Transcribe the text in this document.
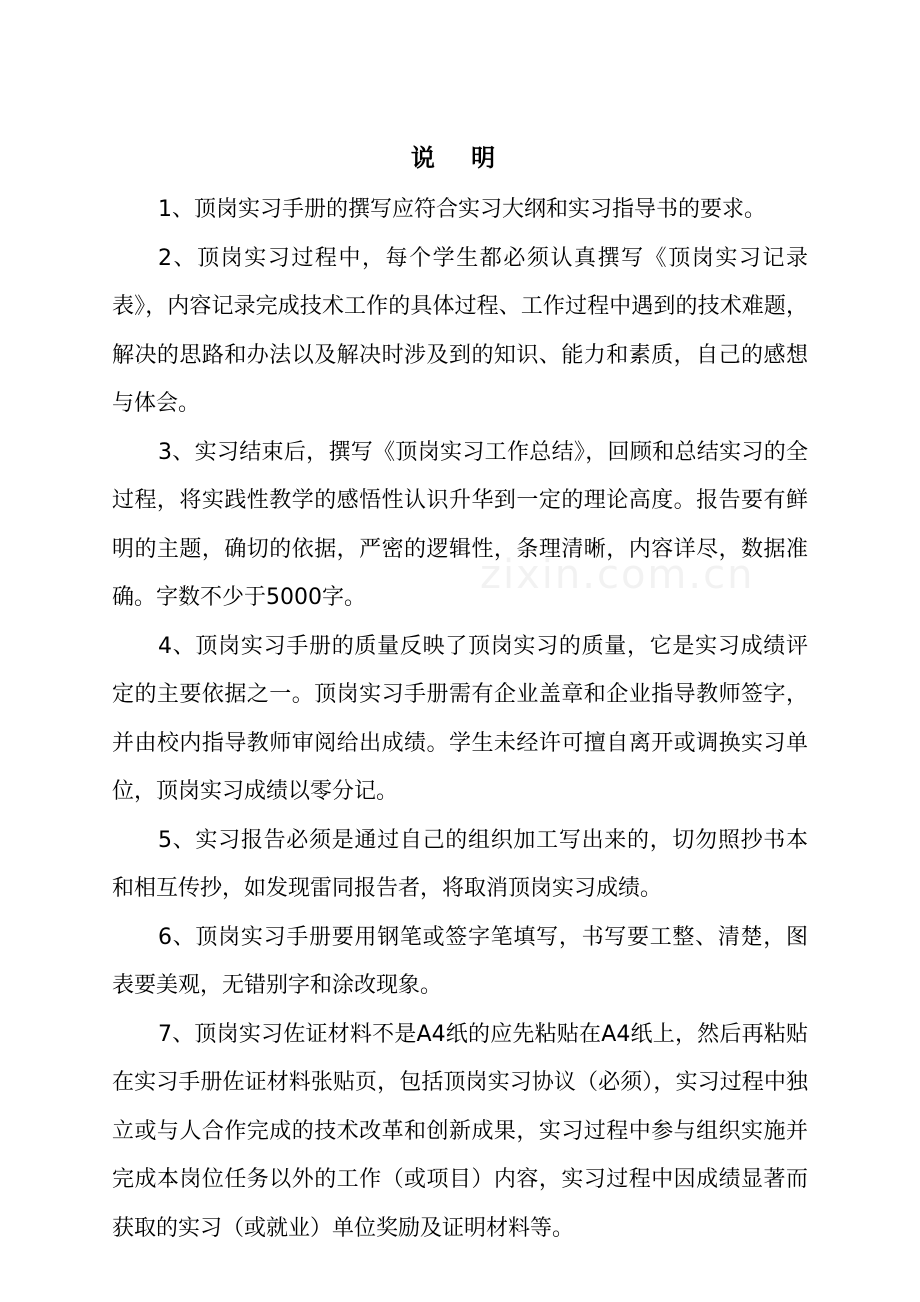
说 明

1、顶岗实习手册的撰写应符合实习大纲和实习指导书的要求。

2、顶岗实习过程中，每个学生都必须认真撰写《顶岗实习记录表》，内容记录完成技术工作的具体过程、工作过程中遇到的技术难题，解决的思路和办法以及解决时涉及到的知识、能力和素质，自己的感想与体会。

3、实习结束后，撰写《顶岗实习工作总结》，回顾和总结实习的全过程，将实践性教学的感悟性认识升华到一定的理论高度。报告要有鲜明的主题，确切的依据，严密的逻辑性，条理清晰，内容详尽，数据准确。字数不少于5000字。

4、顶岗实习手册的质量反映了顶岗实习的质量，它是实习成绩评定的主要依据之一。顶岗实习手册需有企业盖章和企业指导教师签字，并由校内指导教师审阅给出成绩。学生未经许可擅自离开或调换实习单位，顶岗实习成绩以零分记。

5、实习报告必须是通过自己的组织加工写出来的，切勿照抄书本和相互传抄，如发现雷同报告者，将取消顶岗实习成绩。

6、顶岗实习手册要用钢笔或签字笔填写，书写要工整、清楚，图表要美观，无错别字和涂改现象。

7、顶岗实习佐证材料不是A4纸的应先粘贴在A4纸上，然后再粘贴在实习手册佐证材料张贴页，包括顶岗实习协议（必须），实习过程中独立或与人合作完成的技术改革和创新成果，实习过程中参与组织实施并完成本岗位任务以外的工作（或项目）内容，实习过程中因成绩显著而获取的实习（或就业）单位奖励及证明材料等。

zixin.com.cn
